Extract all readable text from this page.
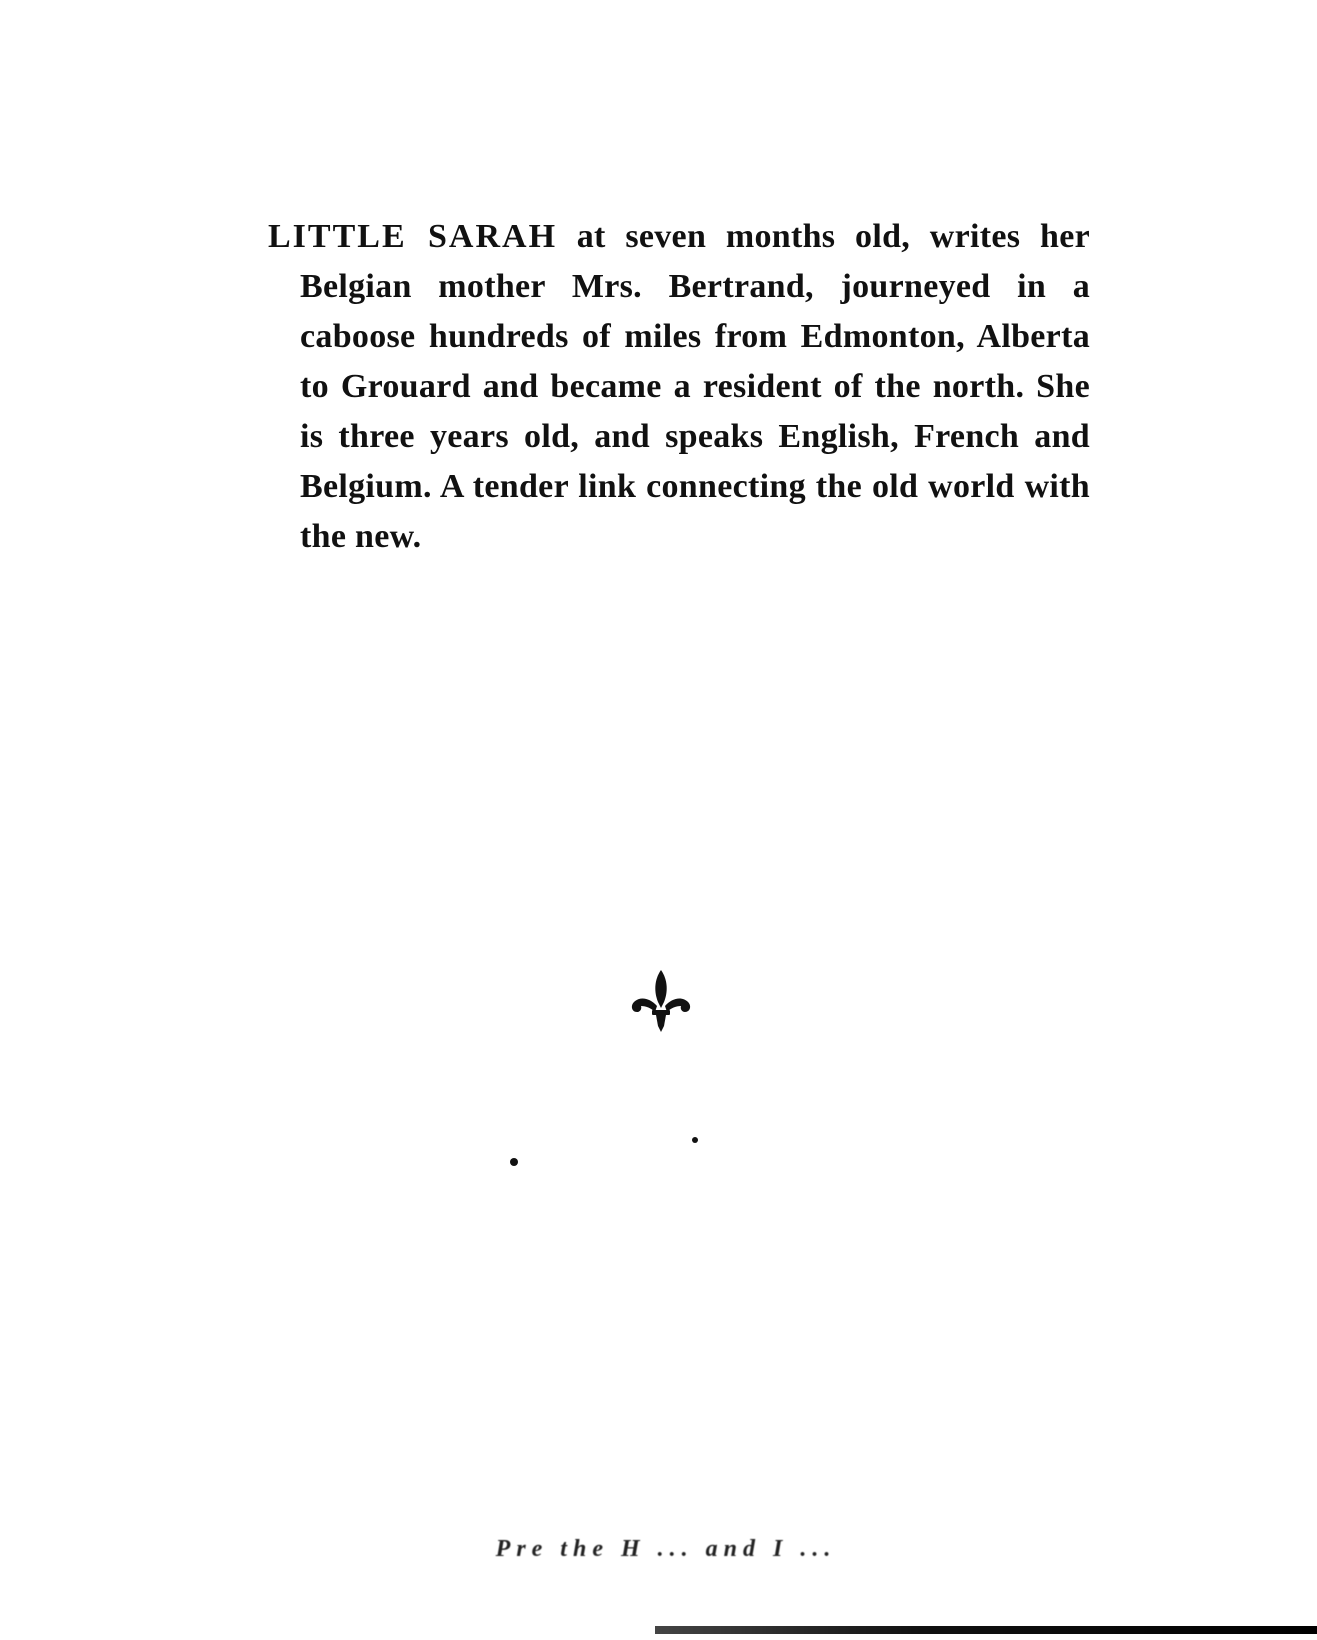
LITTLE SARAH at seven months old, writes her Belgian mother Mrs. Bertrand, journeyed in a caboose hundreds of miles from Edmonton, Alberta to Grouard and became a resident of the north. She is three years old, and speaks English, French and Belgium. A tender link connecting the old world with the new.

Pre the H ... and I ...
